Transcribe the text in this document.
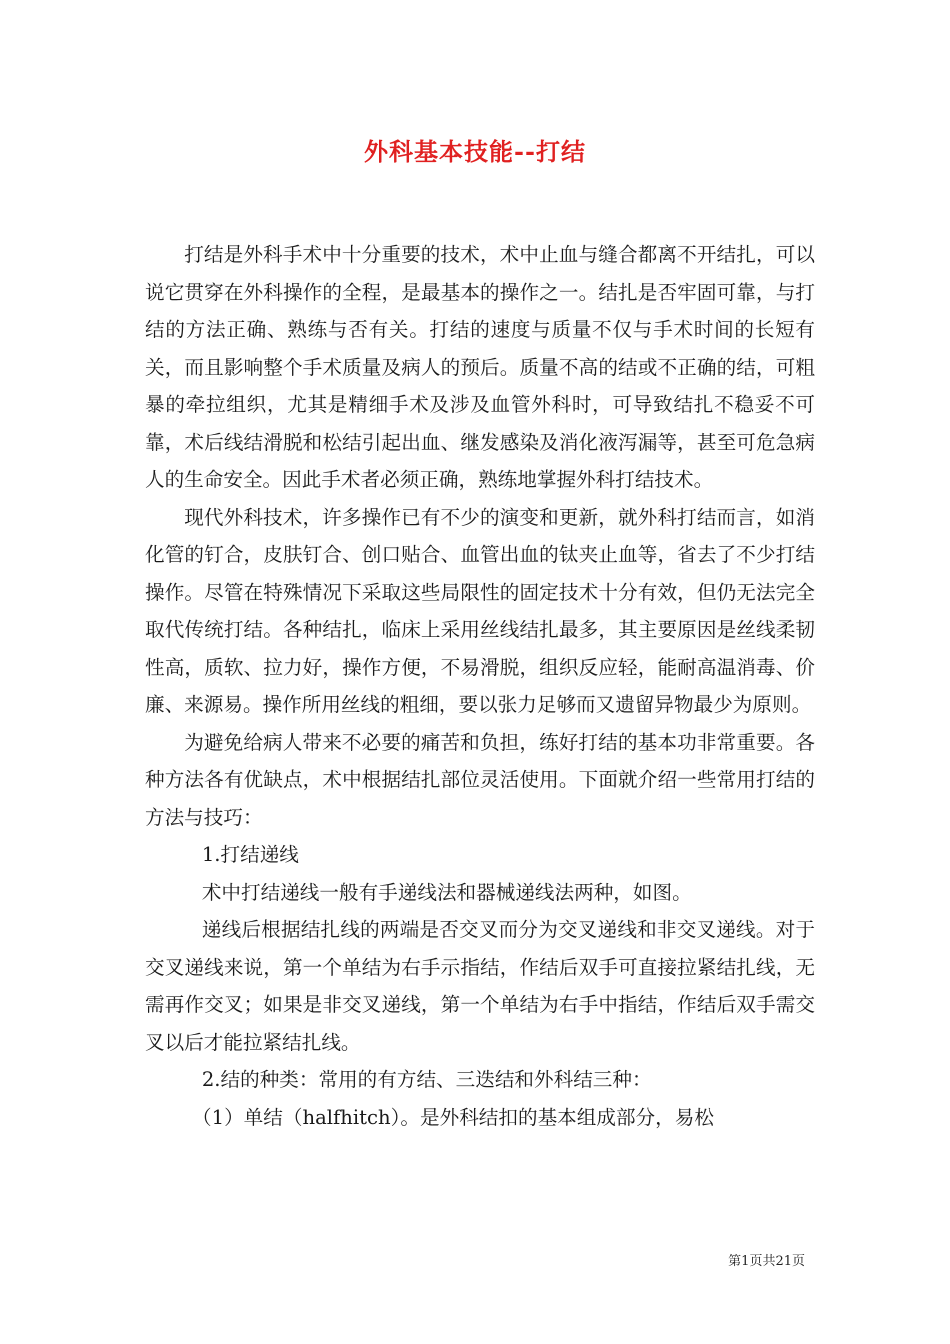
外科基本技能--打结

打结是外科手术中十分重要的技术，术中止血与缝合都离不开结扎，可以说它贯穿在外科操作的全程，是最基本的操作之一。结扎是否牢固可靠，与打结的方法正确、熟练与否有关。打结的速度与质量不仅与手术时间的长短有关，而且影响整个手术质量及病人的预后。质量不高的结或不正确的结，可粗暴的牵拉组织，尤其是精细手术及涉及血管外科时，可导致结扎不稳妥不可靠，术后线结滑脱和松结引起出血、继发感染及消化液泻漏等，甚至可危急病人的生命安全。因此手术者必须正确，熟练地掌握外科打结技术。

现代外科技术，许多操作已有不少的演变和更新，就外科打结而言，如消化管的钉合，皮肤钉合、创口贴合、血管出血的钛夹止血等，省去了不少打结操作。尽管在特殊情况下采取这些局限性的固定技术十分有效，但仍无法完全取代传统打结。各种结扎，临床上采用丝线结扎最多，其主要原因是丝线柔韧性高，质软、拉力好，操作方便，不易滑脱，组织反应轻，能耐高温消毒、价廉、来源易。操作所用丝线的粗细，要以张力足够而又遗留异物最少为原则。

为避免给病人带来不必要的痛苦和负担，练好打结的基本功非常重要。各种方法各有优缺点，术中根据结扎部位灵活使用。下面就介绍一些常用打结的方法与技巧：

1.打结递线

术中打结递线一般有手递线法和器械递线法两种，如图。

递线后根据结扎线的两端是否交叉而分为交叉递线和非交叉递线。对于交叉递线来说，第一个单结为右手示指结，作结后双手可直接拉紧结扎线，无需再作交叉；如果是非交叉递线，第一个单结为右手中指结，作结后双手需交叉以后才能拉紧结扎线。

2.结的种类：常用的有方结、三迭结和外科结三种：

（1）单结（halfhitch）。是外科结扣的基本组成部分，易松

第1页共21页
